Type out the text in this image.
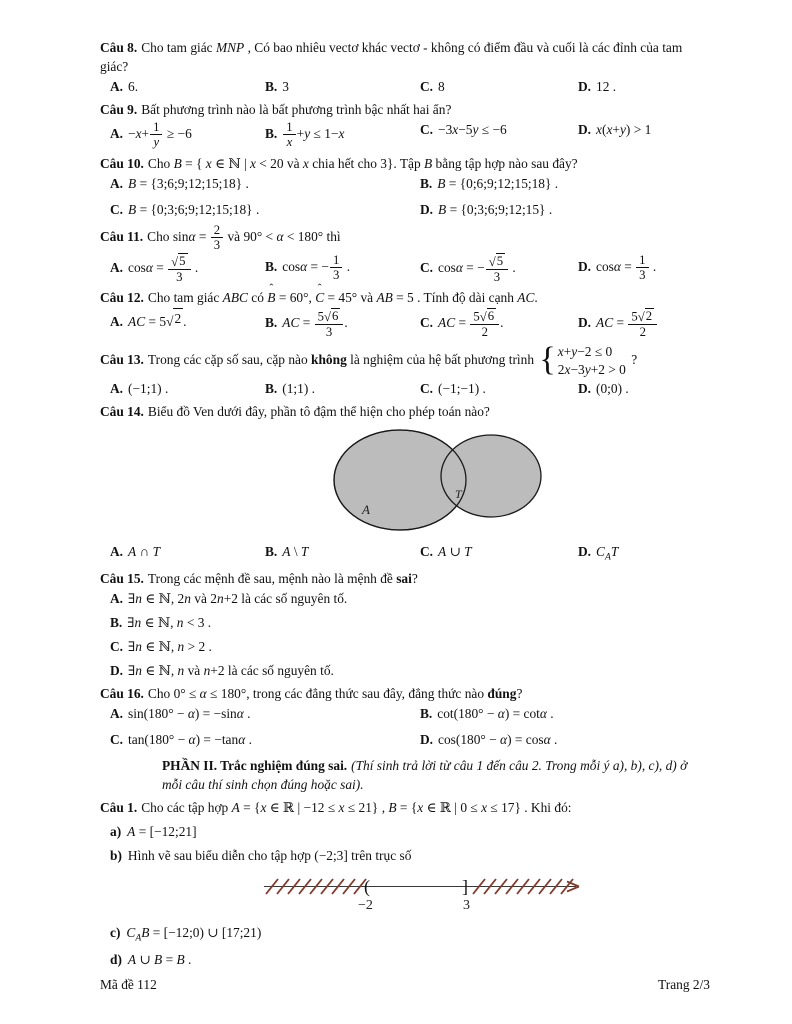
Câu 8. Cho tam giác MNP , Có bao nhiêu vectơ khác vectơ - không có điểm đầu và cuối là các đỉnh của tam giác?
A. 6.	B. 3	C. 8	D. 12 .
Câu 9. Bất phương trình nào là bất phương trình bậc nhất hai ẩn?
A. $-x+ \frac{1}{y} \ge -6$	B. $\frac{1}{x} +y \le 1-x$	C. −3x−5y ≤ −6	D. x(x+y) > 1
Câu 10. Cho B = { x ∈ ℕ | x < 20 và x chia hết cho 3}. Tập B bằng tập hợp nào sau đây?
A. B = {3;6;9;12;15;18} .	B. B = {0;6;9;12;15;18} .
C. B = {0;3;6;9;12;15;18} .	D. B = {0;3;6;9;12;15} .
Câu 11. Cho $\sin\alpha = \frac{2}{3}$ và 90° < α < 180° thì
A. $\cos\alpha = \frac{√ 5}{3}$ .	B. cosα = − $\frac{1}{3}$ .	C. cosα = − $\frac{√ 5}{3}$ .	D. $\cos\alpha = \frac{1}{3}$ .
Câu 12. Cho tam giác ABC có ˆ B = 60°, ˆ C = 45° và AB = 5 . Tính độ dài cạnh AC.
A. AC = 5 √ 2 .	B. AC = $\frac{5 √ 6}{3}$ .	C. AC = $\frac{5 √ 6}{2}$ .	D. AC = $\frac{5 √ 2}{2}$
Câu 13. Trong các cặp số sau, cặp nào không là nghiệm của hệ bất phương trình { x+y−2 ≤ 0
2x−3y+2 > 0
?
A. (−1;1) .	B. (1;1) .	C. (−1;−1) .	D. (0;0) .
Câu 14. Biểu đồ Ven dưới đây, phần tô đậm thể hiện cho phép toán nào?
A
T
A. A ∩ T	B. A \ T	C. A ∪ T	D. $C_AT$
Câu 15. Trong các mệnh đề sau, mệnh nào là mệnh đề sai?
A. ∃n ∈ ℕ, 2n và 2n+2 là các số nguyên tố.
B. ∃n ∈ ℕ, n < 3 .
C. ∃n ∈ ℕ, n > 2 .
D. ∃n ∈ ℕ, n và n+2 là các số nguyên tố.
Câu 16. Cho 0° ≤ α ≤ 180°, trong các đẳng thức sau đây, đẳng thức nào đúng?
A. sin(180° − α) = −sinα .	B. cot(180° − α) = cotα .
C. tan(180° − α) = −tanα .	D. cos(180° − α) = cosα .

PHẦN II. Trắc nghiệm đúng sai. (Thí sinh trả lời từ câu 1 đến câu 2. Trong mỗi ý a), b), c), d) ở mỗi câu thí sinh chọn đúng hoặc sai).

Câu 1. Cho các tập hợp A = {x ∈ ℝ | −12 ≤ x ≤ 21} , B = {x ∈ ℝ | 0 ≤ x ≤ 17} . Khi đó:
a) A = [−12;21]
b) Hình vẽ sau biểu diễn cho tập hợp (−2;3] trên trục số
(	]
−2	3
c) $C_AB$ = [−12;0) ∪ [17;21)
d) A ∪ B = B .
Mã đề 112	Trang 2/3
